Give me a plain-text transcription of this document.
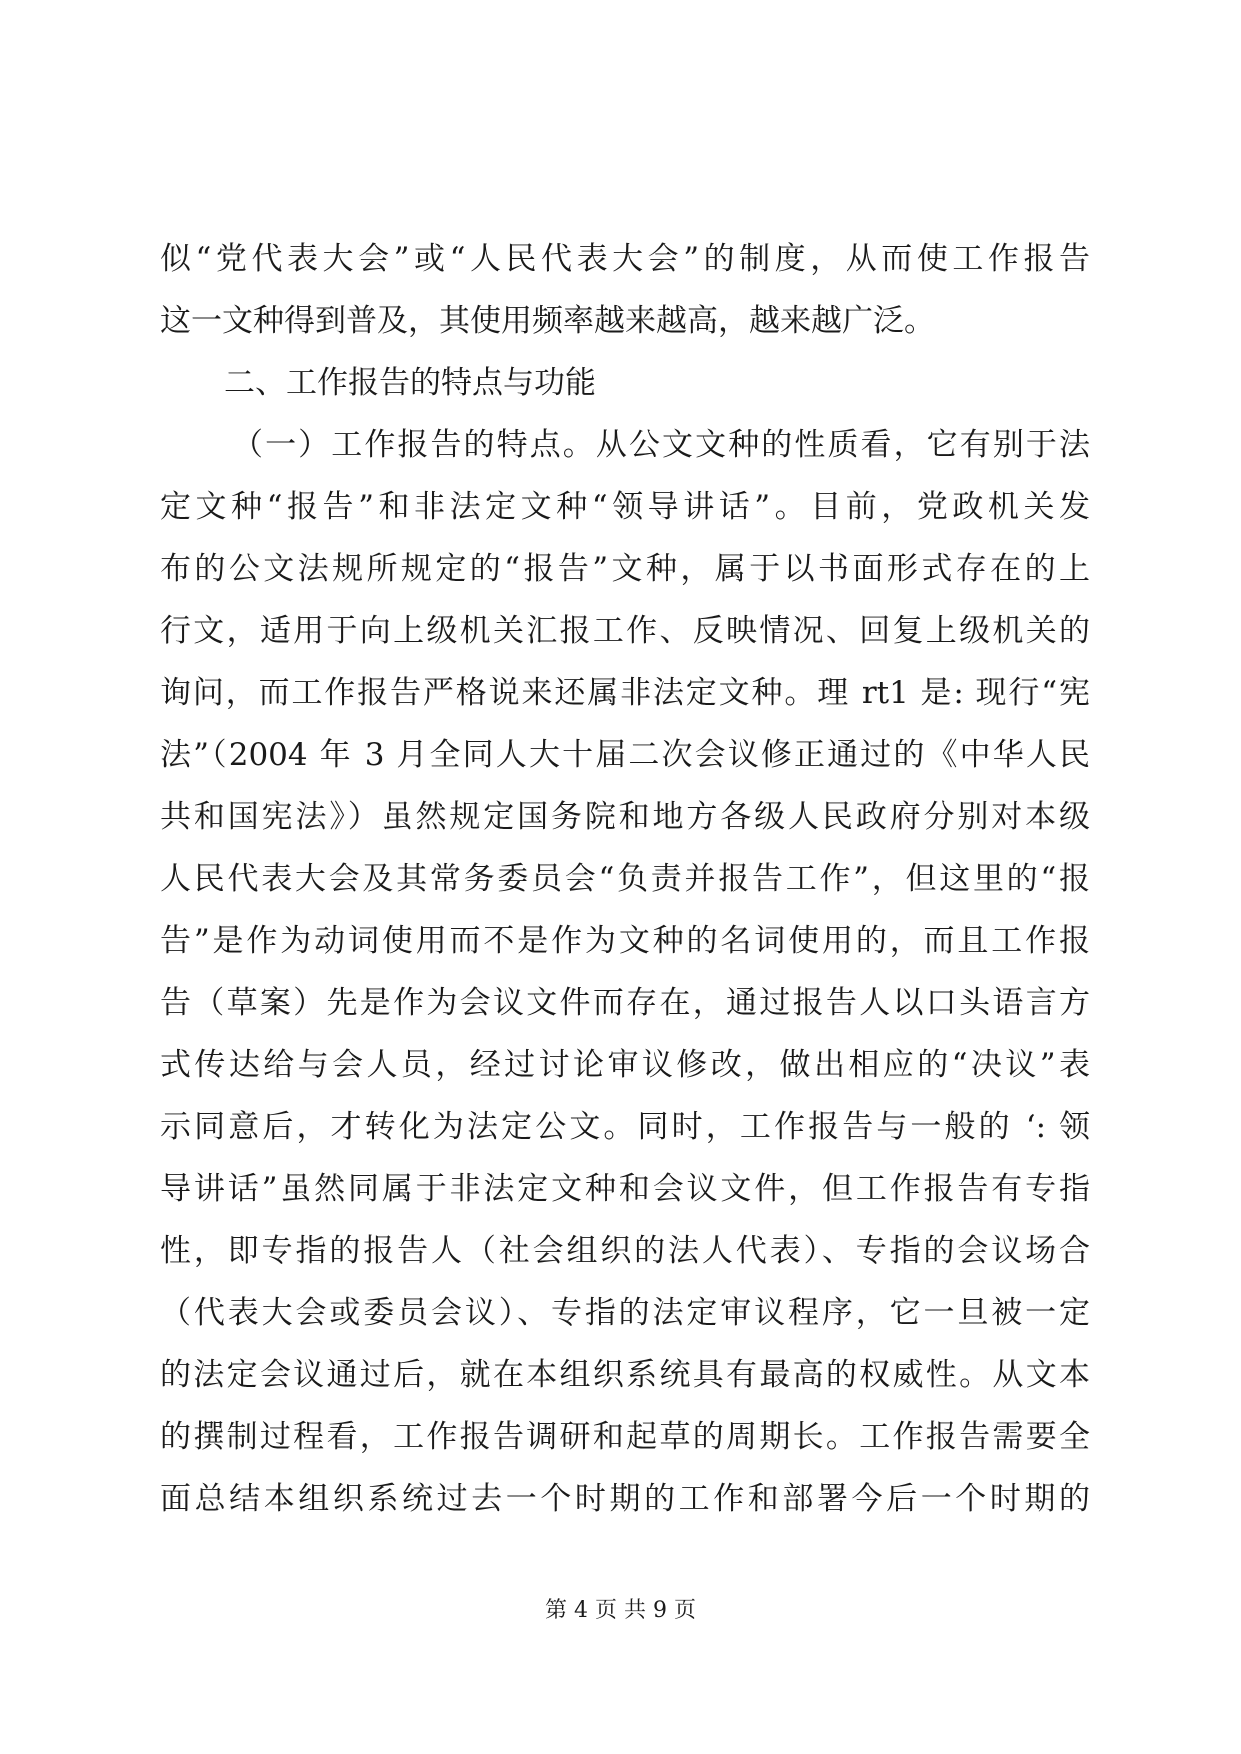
似“党代表大会”或“人民代表大会”的制度，从而使工作报告
这一文种得到普及，其使用频率越来越高，越来越广泛。
二、工作报告的特点与功能
（一）工作报告的特点。从公文文种的性质看，它有别于法
定文种“报告”和非法定文种“领导讲话”。目前，党政机关发
布的公文法规所规定的“报告”文种，属于以书面形式存在的上
行文，适用于向上级机关汇报工作、反映情况、回复上级机关的
询问，而工作报告严格说来还属非法定文种。理 rt1 是: 现行“宪
法”（2004 年 3 月全同人大十届二次会议修正通过的《中华人民
共和国宪法》）虽然规定国务院和地方各级人民政府分别对本级
人民代表大会及其常务委员会“负责并报告工作”，但这里的“报
告”是作为动词使用而不是作为文种的名词使用的，而且工作报
告（草案）先是作为会议文件而存在，通过报告人以口头语言方
式传达给与会人员，经过讨论审议修改，做出相应的“决议”表
示同意后，才转化为法定公文。同时，工作报告与一般的 ‘: 领
导讲话”虽然同属于非法定文种和会议文件，但工作报告有专指
性，即专指的报告人（社会组织的法人代表）、专指的会议场合
（代表大会或委员会议）、专指的法定审议程序，它一旦被一定
的法定会议通过后，就在本组织系统具有最高的权威性。从文本
的撰制过程看，工作报告调研和起草的周期长。工作报告需要全
面总结本组织系统过去一个时期的工作和部署今后一个时期的
第 4 页 共 9 页
